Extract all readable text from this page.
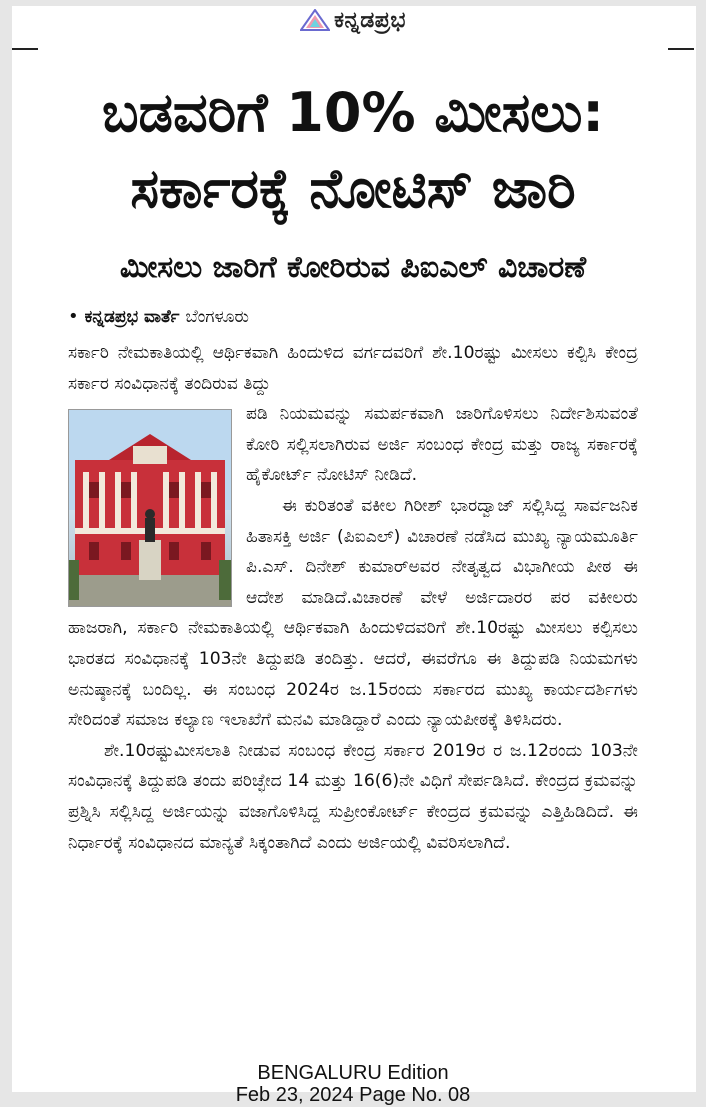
ಕನ್ನಡಪ್ರಭ
ಬಡವರಿಗೆ 10% ಮೀಸಲು:
ಸರ್ಕಾರಕ್ಕೆ ನೋಟಿಸ್ ಜಾರಿ
ಮೀಸಲು ಜಾರಿಗೆ ಕೋರಿರುವ ಪಿಐಎಲ್ ವಿಚಾರಣೆ
• ಕನ್ನಡಪ್ರಭ ವಾರ್ತೆ ಬೆಂಗಳೂರು

ಸರ್ಕಾರಿ ನೇಮಕಾತಿಯಲ್ಲಿ ಆರ್ಥಿಕವಾಗಿ ಹಿಂದುಳಿದ ವರ್ಗದವರಿಗೆ ಶೇ.10ರಷ್ಟು ಮೀಸಲು ಕಲ್ಪಿಸಿ ಕೇಂದ್ರ ಸರ್ಕಾರ ಸಂವಿಧಾನಕ್ಕೆ ತಂದಿರುವ ತಿದ್ದು

ಪಡಿ ನಿಯಮವನ್ನು ಸಮರ್ಪಕವಾಗಿ ಜಾರಿಗೊಳಿಸಲು ನಿರ್ದೇಶಿಸುವಂತೆ ಕೋರಿ ಸಲ್ಲಿಸಲಾಗಿರುವ ಅರ್ಜಿ ಸಂಬಂಧ ಕೇಂದ್ರ ಮತ್ತು ರಾಜ್ಯ ಸರ್ಕಾರಕ್ಕೆ ಹೈಕೋರ್ಟ್ ನೋಟಿಸ್ ನೀಡಿದೆ.

ಈ ಕುರಿತಂತೆ ವಕೀಲ ಗಿರೀಶ್ ಭಾರದ್ವಾಜ್ ಸಲ್ಲಿಸಿದ್ದ ಸಾರ್ವಜನಿಕ ಹಿತಾಸಕ್ತಿ ಅರ್ಜಿ (ಪಿಐಎಲ್) ವಿಚಾರಣೆ ನಡೆಸಿದ ಮುಖ್ಯ ನ್ಯಾಯಮೂರ್ತಿ ಪಿ.ಎಸ್. ದಿನೇಶ್ ಕುಮಾರ್‌ಅವರ ನೇತೃತ್ವದ ವಿಭಾಗೀಯ ಪೀಠ ಈ ಆದೇಶ ಮಾಡಿದೆ.ವಿಚಾರಣೆ ವೇಳೆ ಅರ್ಜಿದಾರರ ಪರ ವಕೀಲರು ಹಾಜರಾಗಿ, ಸರ್ಕಾರಿ ನೇಮಕಾತಿಯಲ್ಲಿ ಆರ್ಥಿಕವಾಗಿ ಹಿಂದುಳಿದವರಿಗೆ ಶೇ.10ರಷ್ಟು ಮೀಸಲು ಕಲ್ಪಿಸಲು ಭಾರತದ ಸಂವಿಧಾನಕ್ಕೆ 103ನೇ ತಿದ್ದುಪಡಿ ತಂದಿತ್ತು. ಆದರೆ, ಈವರೆಗೂ ಈ ತಿದ್ದುಪಡಿ ನಿಯಮಗಳು ಅನುಷ್ಠಾನಕ್ಕೆ ಬಂದಿಲ್ಲ. ಈ ಸಂಬಂಧ 2024ರ ಜ.15ರಂದು ಸರ್ಕಾರದ ಮುಖ್ಯ ಕಾರ್ಯದರ್ಶಿಗಳು ಸೇರಿದಂತೆ ಸಮಾಜ ಕಲ್ಯಾಣ ಇಲಾಖೆಗೆ ಮನವಿ ಮಾಡಿದ್ದಾರೆ ಎಂದು ನ್ಯಾಯಪೀಠಕ್ಕೆ ತಿಳಿಸಿದರು.

ಶೇ.10ರಷ್ಟುಮೀಸಲಾತಿ ನೀಡುವ ಸಂಬಂಧ ಕೇಂದ್ರ ಸರ್ಕಾರ 2019ರ ರ ಜ.12ರಂದು 103ನೇ ಸಂವಿಧಾನಕ್ಕೆ ತಿದ್ದುಪಡಿ ತಂದು ಪರಿಚ್ಛೇದ 14 ಮತ್ತು 16(6)ನೇ ವಿಧಿಗೆ ಸೇರ್ಪಡಿಸಿದೆ. ಕೇಂದ್ರದ ಕ್ರಮವನ್ನು ಪ್ರಶ್ನಿಸಿ ಸಲ್ಲಿಸಿದ್ದ ಅರ್ಜಿಯನ್ನು ವಜಾಗೊಳಿಸಿದ್ದ ಸುಪ್ರೀಂಕೋರ್ಟ್ ಕೇಂದ್ರದ ಕ್ರಮವನ್ನು ಎತ್ತಿಹಿಡಿದಿದೆ. ಈ ನಿರ್ಧಾರಕ್ಕೆ ಸಂವಿಧಾನದ ಮಾನ್ಯತೆ ಸಿಕ್ಕಂತಾಗಿದೆ ಎಂದು ಅರ್ಜಿಯಲ್ಲಿ ವಿವರಿಸಲಾಗಿದೆ.

BENGALURU Edition
Feb 23, 2024 Page No. 08
